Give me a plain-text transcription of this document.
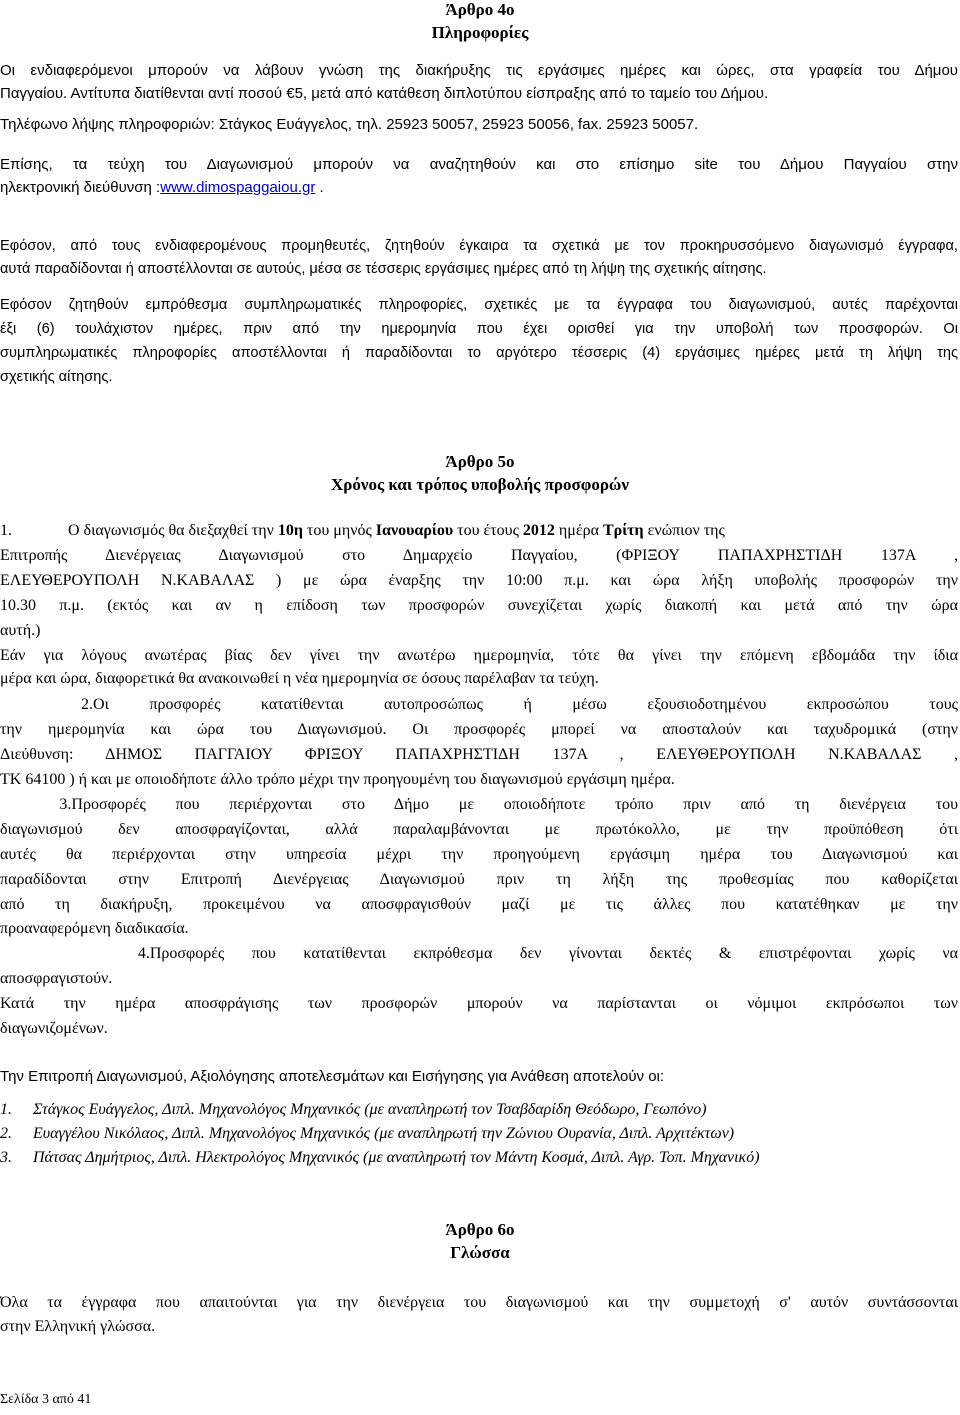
Άρθρο 4ο
Πληροφορίες
Οι ενδιαφερόμενοι μπορούν να λάβουν γνώση της διακήρυξης τις εργάσιμες ημέρες και ώρες, στα γραφεία του Δήμου
Παγγαίου. Αντίτυπα διατίθενται αντί ποσού €5, μετά από κατάθεση διπλοτύπου είσπραξης από το ταμείο του Δήμου.
Τηλέφωνο λήψης πληροφοριών: Στάγκος Ευάγγελος, τηλ. 25923 50057, 25923 50056, fax. 25923 50057.
Επίσης, τα τεύχη του Διαγωνισμού μπορούν να αναζητηθούν και στο επίσημο site του Δήμου Παγγαίου στην
ηλεκτρονική διεύθυνση :www.dimospaggaiou.gr .
Εφόσον, από τους ενδιαφερομένους προμηθευτές, ζητηθούν έγκαιρα τα σχετικά με τον προκηρυσσόμενο διαγωνισμό έγγραφα,
αυτά παραδίδονται ή αποστέλλονται σε αυτούς, μέσα σε τέσσερις εργάσιμες ημέρες από τη λήψη της σχετικής αίτησης.
Εφόσον ζητηθούν εμπρόθεσμα συμπληρωματικές πληροφορίες, σχετικές με τα έγγραφα του διαγωνισμού, αυτές παρέχονται
έξι (6) τουλάχιστον ημέρες, πριν από την ημερομηνία που έχει ορισθεί για την υποβολή των προσφορών. Οι
συμπληρωματικές πληροφορίες αποστέλλονται ή παραδίδονται το αργότερο τέσσερις (4) εργάσιμες ημέρες μετά τη λήψη της
σχετικής αίτησης.
Άρθρο 5ο
Χρόνος και τρόπος υποβολής προσφορών
1.	Ο διαγωνισμός θα διεξαχθεί την 10η του μηνός Ιανουαρίου του έτους 2012 ημέρα Τρίτη ενώπιον της
Επιτροπής Διενέργειας Διαγωνισμού στο Δημαρχείο Παγγαίου, (ΦΡΙΞΟΥ ΠΑΠΑΧΡΗΣΤΙΔΗ 137Α ,
ΕΛΕΥΘΕΡΟΥΠΟΛΗ Ν.ΚΑΒΑΛΑΣ ) με ώρα έναρξης την 10:00 π.μ. και ώρα λήξη υποβολής προσφορών την
10.30 π.μ. (εκτός και αν η επίδοση των προσφορών συνεχίζεται χωρίς διακοπή και μετά από την ώρα
αυτή.)
Εάν για λόγους ανωτέρας βίας δεν γίνει την ανωτέρω ημερομηνία, τότε θα γίνει την επόμενη εβδομάδα την ίδια
μέρα και ώρα, διαφορετικά θα ανακοινωθεί η νέα ημερομηνία σε όσους παρέλαβαν τα τεύχη.
2.Οι προσφορές κατατίθενται αυτοπροσώπως ή μέσω εξουσιοδοτημένου εκπροσώπου τους
την ημερομηνία και ώρα του Διαγωνισμού. Οι προσφορές μπορεί να αποσταλούν και ταχυδρομικά (στην
Διεύθυνση: ΔΗΜΟΣ ΠΑΓΓΑΙΟΥ ΦΡΙΞΟΥ ΠΑΠΑΧΡΗΣΤΙΔΗ 137Α , ΕΛΕΥΘΕΡΟΥΠΟΛΗ Ν.ΚΑΒΑΛΑΣ ,
ΤΚ 64100 ) ή και με οποιοδήποτε άλλο τρόπο μέχρι την προηγουμένη του διαγωνισμού εργάσιμη ημέρα.
3.Προσφορές που περιέρχονται στο Δήμο με οποιοδήποτε τρόπο πριν από τη διενέργεια του
διαγωνισμού δεν αποσφραγίζονται, αλλά παραλαμβάνονται με πρωτόκολλο, με την προϋπόθεση ότι
αυτές θα περιέρχονται στην υπηρεσία μέχρι την προηγούμενη εργάσιμη ημέρα του Διαγωνισμού και
παραδίδονται στην Επιτροπή Διενέργειας Διαγωνισμού πριν τη λήξη της προθεσμίας που καθορίζεται
από τη διακήρυξη, προκειμένου να αποσφραγισθούν μαζί με τις άλλες που κατατέθηκαν με την
προαναφερόμενη διαδικασία.
4.Προσφορές που κατατίθενται εκπρόθεσμα δεν γίνονται δεκτές & επιστρέφονται χωρίς να
αποσφραγιστούν.
Κατά την ημέρα αποσφράγισης των προσφορών μπορούν να παρίστανται οι νόμιμοι εκπρόσωποι των
διαγωνιζομένων.
Την Επιτροπή Διαγωνισμού, Αξιολόγησης αποτελεσμάτων και Εισήγησης για Ανάθεση αποτελούν οι:
1. Στάγκος Ευάγγελος, Διπλ. Μηχανολόγος Μηχανικός (με αναπληρωτή τον Τσαβδαρίδη Θεόδωρο, Γεωπόνο)
2. Ευαγγέλου Νικόλαος, Διπλ. Μηχανολόγος Μηχανικός (με αναπληρωτή την Ζώνιου Ουρανία, Διπλ. Αρχιτέκτων)
3. Πάτσας Δημήτριος, Διπλ. Ηλεκτρολόγος Μηχανικός (με αναπληρωτή τον Μάντη Κοσμά, Διπλ. Αγρ. Τοπ. Μηχανικό)
Άρθρο 6ο
Γλώσσα
Όλα τα έγγραφα που απαιτούνται για την διενέργεια του διαγωνισμού και την συμμετοχή σ' αυτόν συντάσσονται
στην Ελληνική γλώσσα.
Σελίδα 3 από 41
